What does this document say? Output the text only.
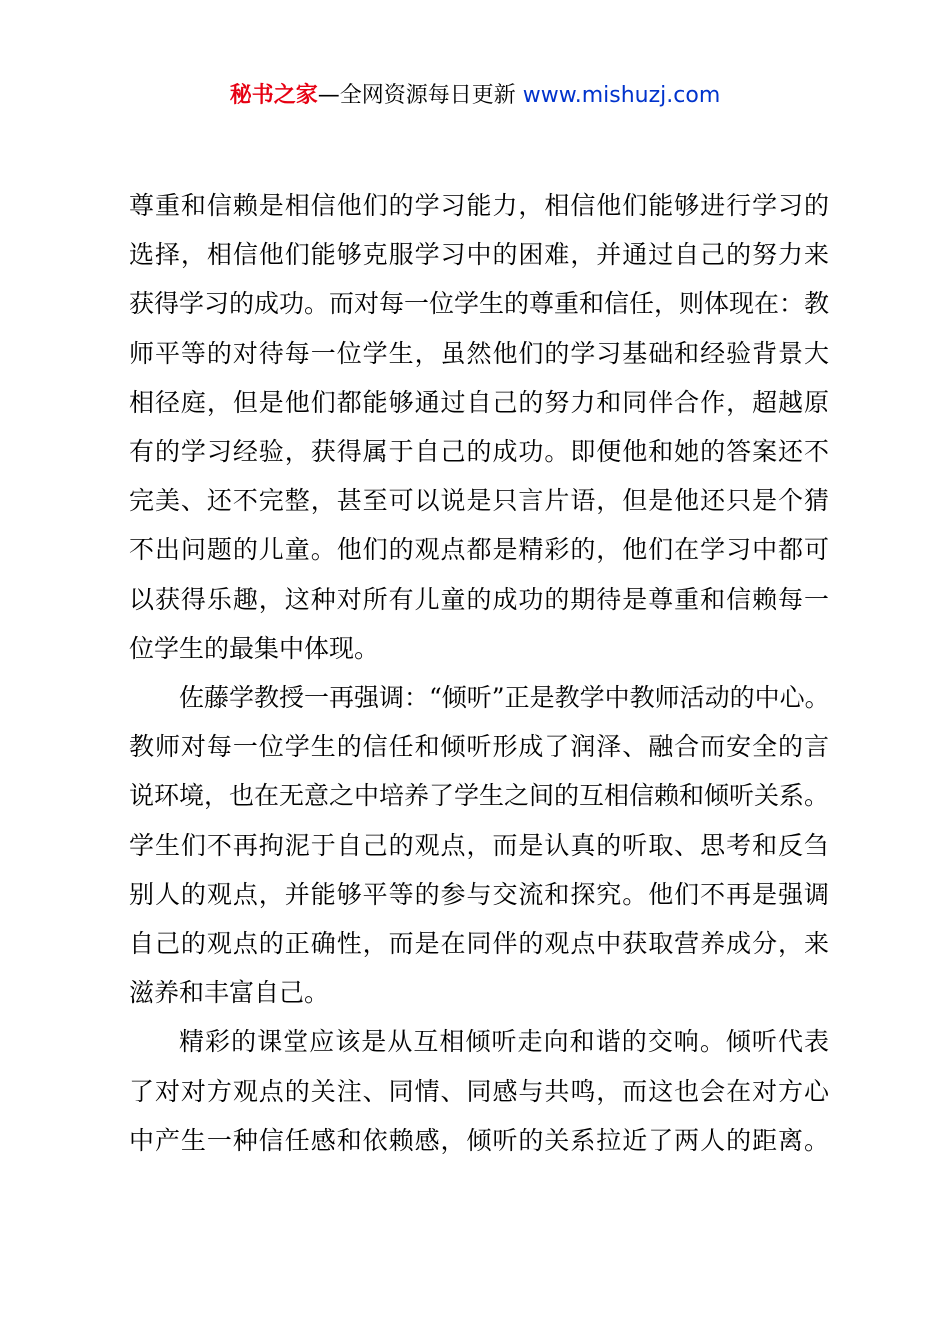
秘书之家—全网资源每日更新 www.mishuzj.com
尊重和信赖是相信他们的学习能力，相信他们能够进行学习的
选择，相信他们能够克服学习中的困难，并通过自己的努力来
获得学习的成功。而对每一位学生的尊重和信任，则体现在：教
师平等的对待每一位学生，虽然他们的学习基础和经验背景大
相径庭，但是他们都能够通过自己的努力和同伴合作，超越原
有的学习经验，获得属于自己的成功。即便他和她的答案还不
完美、还不完整，甚至可以说是只言片语，但是他还只是个猜
不出问题的儿童。他们的观点都是精彩的，他们在学习中都可
以获得乐趣，这种对所有儿童的成功的期待是尊重和信赖每一
位学生的最集中体现。
佐藤学教授一再强调：“倾听”正是教学中教师活动的中心。
教师对每一位学生的信任和倾听形成了润泽、融合而安全的言
说环境，也在无意之中培养了学生之间的互相信赖和倾听关系。
学生们不再拘泥于自己的观点，而是认真的听取、思考和反刍
别人的观点，并能够平等的参与交流和探究。他们不再是强调
自己的观点的正确性，而是在同伴的观点中获取营养成分，来
滋养和丰富自己。
精彩的课堂应该是从互相倾听走向和谐的交响。倾听代表
了对对方观点的关注、同情、同感与共鸣，而这也会在对方心
中产生一种信任感和依赖感，倾听的关系拉近了两人的距离。
